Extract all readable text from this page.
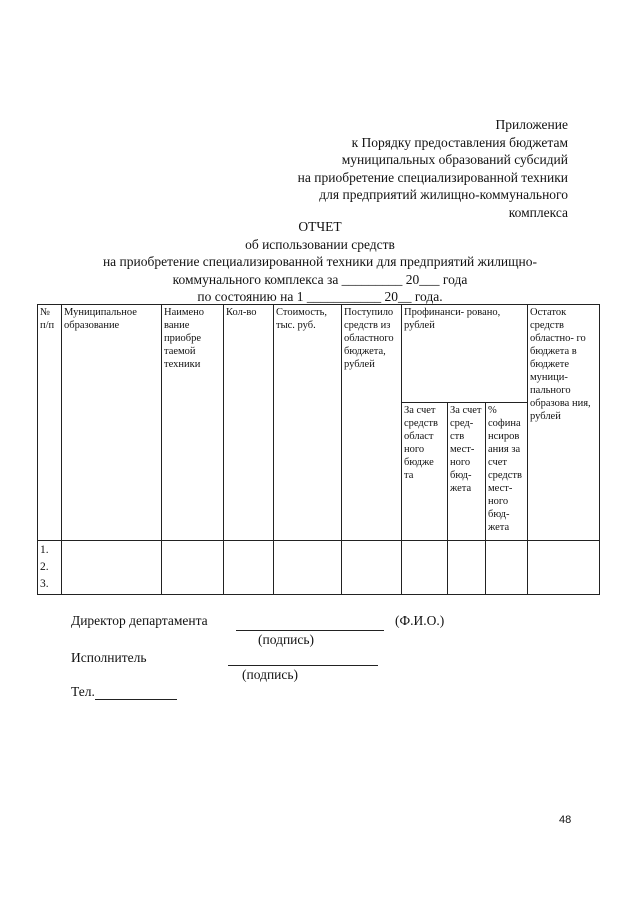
Приложение
к Порядку предоставления бюджетам
муниципальных образований субсидий
на приобретение специализированной техники
для предприятий жилищно-коммунального
комплекса
ОТЧЕТ
об использовании средств
на приобретение специализированной техники для предприятий жилищно-
коммунального комплекса за _________ 20___ года
по состоянию на 1 ___________ 20__ года.
№ п/п	Муниципальное образование	Наимено вание приобре таемой техники	Кол-во	Стоимость, тыс. руб.	Поступило средств из областного бюджета, рублей	Профинанси- ровано, рублей			Остаток средств областно- го бюджета в бюджете муници- пального образова ния, рублей
						За счет средств област ного бюдже та	За счет сред- ств мест- ного бюд- жета	% софина нсиров ания за счет средств мест- ного бюд- жета	

1.
2.
3.									

Директор департамента	(Ф.И.О.)
(подпись)
Исполнитель
(подпись)
Тел.
48
